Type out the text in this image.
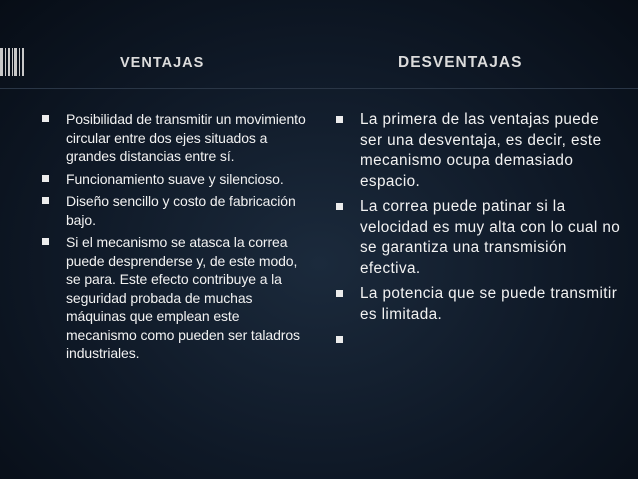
VENTAJAS	DESVENTAJAS
Posibilidad de transmitir un movimiento circular entre dos ejes situados a grandes distancias entre sí.
Funcionamiento suave y silencioso.
Diseño sencillo y costo de fabricación bajo.
Si el mecanismo se atasca la correa puede desprenderse y, de este modo, se para. Este efecto contribuye a la seguridad probada de muchas máquinas que emplean este mecanismo como pueden ser taladros industriales.
La primera de las ventajas puede ser una desventaja, es decir, este mecanismo ocupa demasiado espacio.
La correa puede patinar si la velocidad es muy alta con lo cual no se garantiza una transmisión efectiva.
La potencia que se puede transmitir es limitada.
